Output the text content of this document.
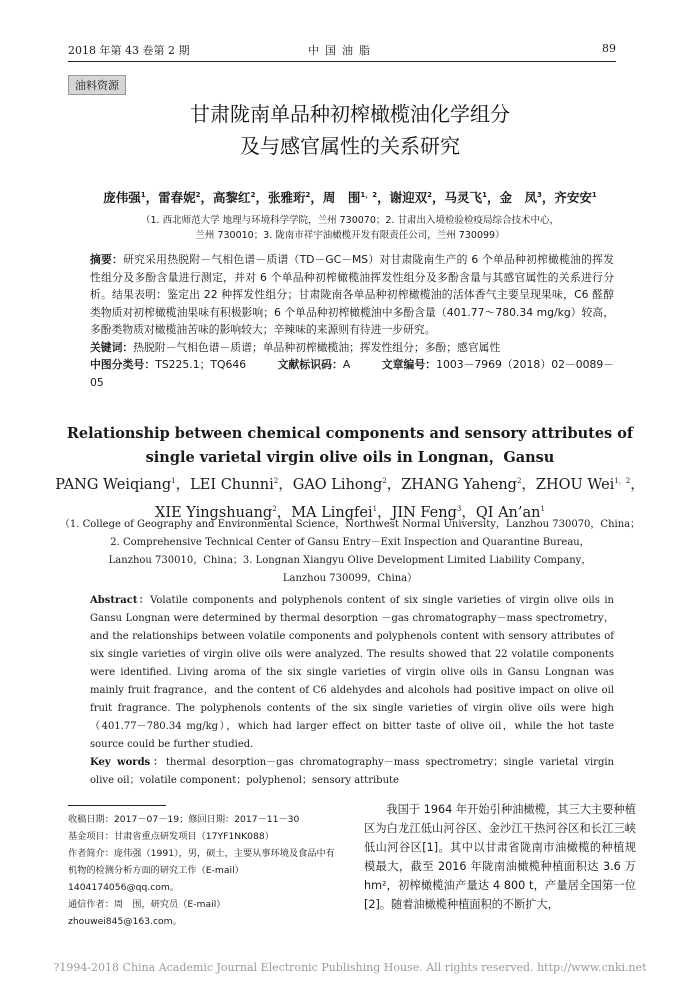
2018 年第 43 卷第 2 期	中国油脂	89
油料资源
甘肃陇南单品种初榨橄榄油化学组分
及与感官属性的关系研究
庞伟强$^1$，雷春妮$^2$，高黎红$^2$，张雅珩$^2$，周　围$^{1,2}$，谢迎双$^2$，马灵飞$^1$，金　凤$^3$，齐安安$^1$
（1. 西北师范大学 地理与环境科学学院，兰州 730070；2. 甘肃出入境检验检疫局综合技术中心，
兰州 730010；3. 陇南市祥宇油橄榄开发有限责任公司，兰州 730099）

摘要：研究采用热脱附－气相色谱－质谱（TD－GC－MS）对甘肃陇南生产的 6 个单品种初榨橄榄油的挥发性组分及多酚含量进行测定，并对 6 个单品种初榨橄榄油挥发性组分及多酚含量与其感官属性的关系进行分析。结果表明：鉴定出 22 种挥发性组分；甘肃陇南各单品种初榨橄榄油的活体香气主要呈现果味，C6 醛醇类物质对初榨橄榄油果味有积极影响；6 个单品种初榨橄榄油中多酚含量（401.77～780.34 mg/kg）较高，多酚类物质对橄榄油苦味的影响较大；辛辣味的来源则有待进一步研究。

关键词：热脱附－气相色谱－质谱；单品种初榨橄榄油；挥发性组分；多酚；感官属性

中图分类号：TS225.1；TQ646	文献标识码：A	文章编号：1003－7969（2018）02－0089－05

Relationship between chemical components and sensory attributes of
single varietal virgin olive oils in Longnan，Gansu
PANG Weiqiang$^1$，LEI Chunni$^2$，GAO Lihong$^2$，ZHANG Yaheng$^2$，ZHOU Wei$^{1,2}$，
XIE Yingshuang$^2$，MA Lingfei$^1$，JIN Feng$^3$，QI $An’an^1$
（1. College of Geography and Environmental Science，Northwest Normal University，Lanzhou 730070，China；
2. Comprehensive Technical Center of Gansu Entry－Exit Inspection and Quarantine Bureau，
Lanzhou 730010，China；3. Longnan Xiangyu Olive Development Limited Liability Company，
Lanzhou 730099，China）

Abstract：Volatile components and polyphenols content of six single varieties of virgin olive oils in Gansu Longnan were determined by thermal desorption －gas chromatography－mass spectrometry，and the relationships between volatile components and polyphenols content with sensory attributes of six single varieties of virgin olive oils were analyzed. The results showed that 22 volatile components were identified. Living aroma of the six single varieties of virgin olive oils in Gansu Longnan was mainly fruit fragrance，and the content of C6 aldehydes and alcohols had positive impact on olive oil fruit fragrance. The polyphenols contents of the six single varieties of virgin olive oils were high（401.77－780.34 mg/kg），which had larger effect on bitter taste of olive oil，while the hot taste source could be further studied.

Key words：thermal desorption－gas chromatography－mass spectrometry；single varietal virgin olive oil；volatile component；polyphenol；sensory attribute

收稿日期：2017－07－19；修回日期：2017－11－30

基金项目：甘肃省重点研发项目（17YF1NK088）

作者简介：庞伟强（1991），男，硕士，主要从事环境及食品中有机物的检测分析方面的研究工作（E-mail）1404174056@qq.com。

通信作者：周　围，研究员（E-mail）zhouwei845@163.com。

我国于 1964 年开始引种油橄榄，其三大主要种植区为白龙江低山河谷区、金沙江干热河谷区和长江三峡低山河谷区[1]。其中以甘肃省陇南市油橄榄的种植规模最大，截至 2016 年陇南油橄榄种植面积达 3.6 万 hm²，初榨橄榄油产量达 4 800 t，产量居全国第一位[2]。随着油橄榄种植面积的不断扩大，

?1994-2018 China Academic Journal Electronic Publishing House. All rights reserved. http://www.cnki.net
